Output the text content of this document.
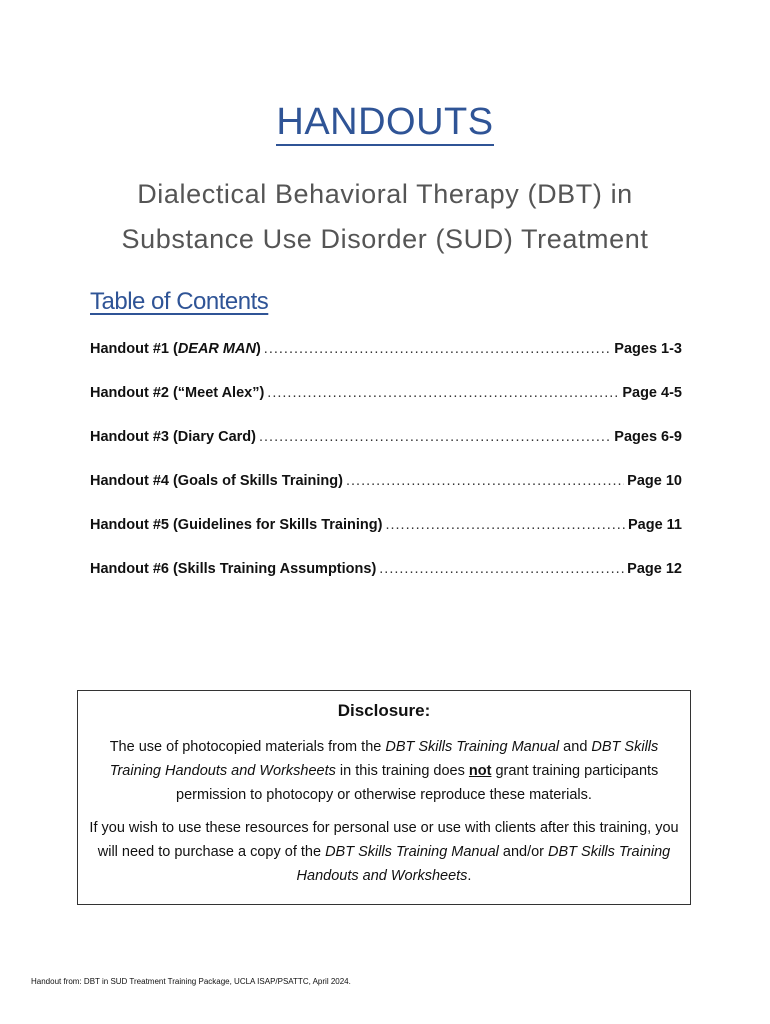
HANDOUTS
Dialectical Behavioral Therapy (DBT) in
Substance Use Disorder (SUD) Treatment
Table of Contents
Handout #1 (DEAR MAN) .....	Pages 1-3
Handout #2 (“Meet Alex”) .....	Page 4-5
Handout #3 (Diary Card) .....	Pages 6-9
Handout #4 (Goals of Skills Training) .....	Page 10
Handout #5 (Guidelines for Skills Training) .....	Page 11
Handout #6 (Skills Training Assumptions) .....	Page 12
Disclosure:

The use of photocopied materials from the DBT Skills Training Manual and DBT Skills Training Handouts and Worksheets in this training does not grant training participants permission to photocopy or otherwise reproduce these materials.

If you wish to use these resources for personal use or use with clients after this training, you will need to purchase a copy of the DBT Skills Training Manual and/or DBT Skills Training Handouts and Worksheets.

Handout from: DBT in SUD Treatment Training Package, UCLA ISAP/PSATTC, April 2024.
